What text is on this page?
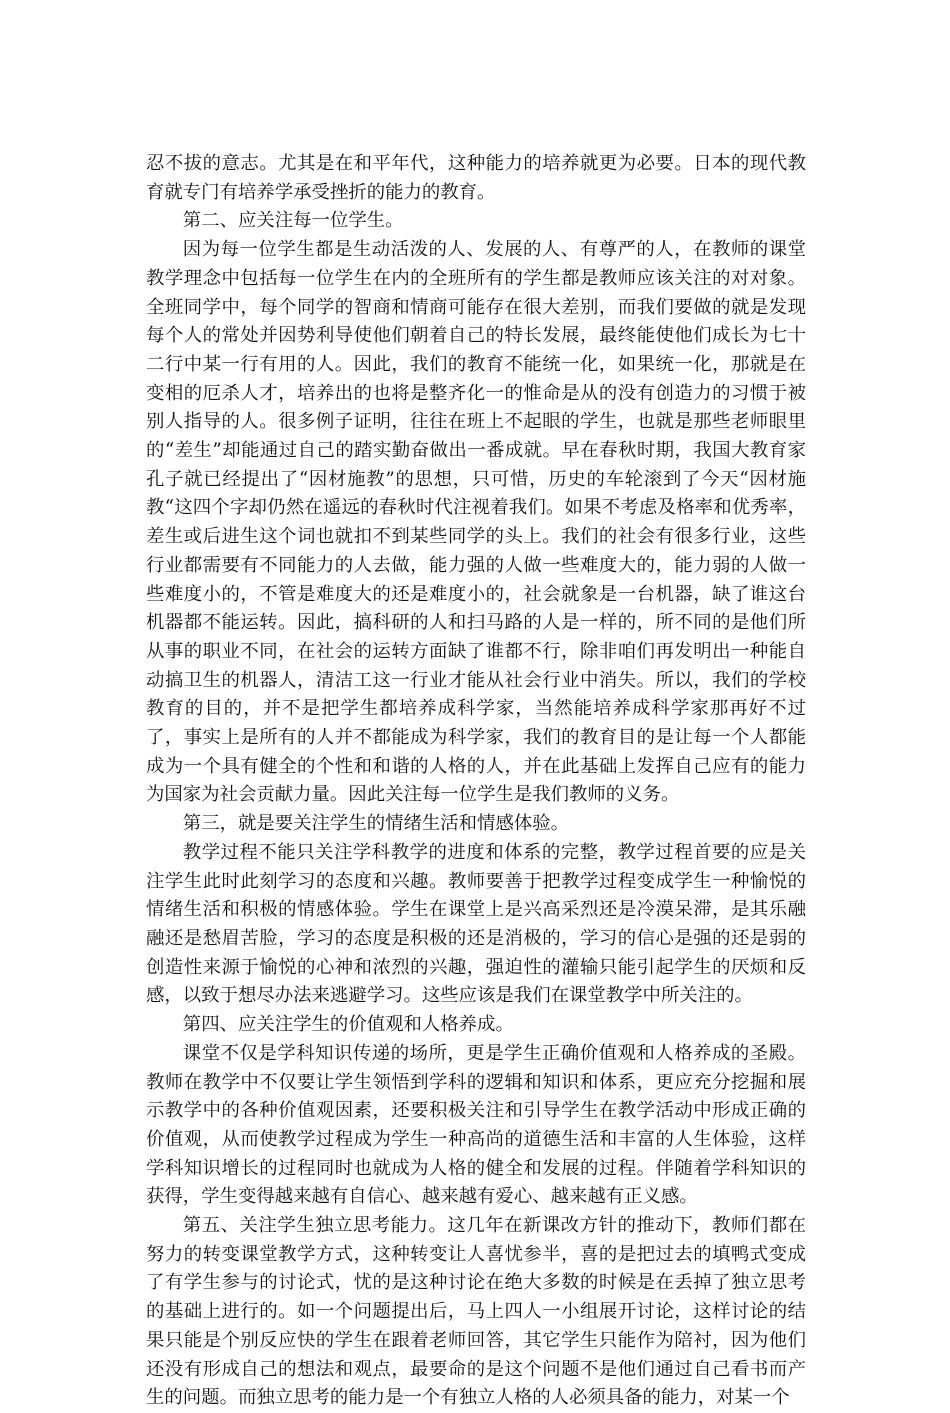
忍不拔的意志。尤其是在和平年代，这种能力的培养就更为必要。日本的现代教育就专门有培养学承受挫折的能力的教育。

第二、应关注每一位学生。

因为每一位学生都是生动活泼的人、发展的人、有尊严的人，在教师的课堂教学理念中包括每一位学生在内的全班所有的学生都是教师应该关注的对对象。全班同学中，每个同学的智商和情商可能存在很大差别，而我们要做的就是发现每个人的常处并因势利导使他们朝着自己的特长发展，最终能使他们成长为七十二行中某一行有用的人。因此，我们的教育不能统一化，如果统一化，那就是在变相的厄杀人才，培养出的也将是整齐化一的惟命是从的没有创造力的习惯于被别人指导的人。很多例子证明，往往在班上不起眼的学生，也就是那些老师眼里的“差生”却能通过自己的踏实勤奋做出一番成就。早在春秋时期，我国大教育家孔子就已经提出了“因材施教”的思想，只可惜，历史的车轮滚到了今天“因材施教“这四个字却仍然在遥远的春秋时代注视着我们。如果不考虑及格率和优秀率，差生或后进生这个词也就扣不到某些同学的头上。我们的社会有很多行业，这些行业都需要有不同能力的人去做，能力强的人做一些难度大的，能力弱的人做一些难度小的，不管是难度大的还是难度小的，社会就象是一台机器，缺了谁这台机器都不能运转。因此，搞科研的人和扫马路的人是一样的，所不同的是他们所从事的职业不同，在社会的运转方面缺了谁都不行，除非咱们再发明出一种能自动搞卫生的机器人，清洁工这一行业才能从社会行业中消失。所以，我们的学校教育的目的，并不是把学生都培养成科学家，当然能培养成科学家那再好不过了，事实上是所有的人并不都能成为科学家，我们的教育目的是让每一个人都能成为一个具有健全的个性和和谐的人格的人，并在此基础上发挥自己应有的能力为国家为社会贡献力量。因此关注每一位学生是我们教师的义务。

第三，就是要关注学生的情绪生活和情感体验。

教学过程不能只关注学科教学的进度和体系的完整，教学过程首要的应是关注学生此时此刻学习的态度和兴趣。教师要善于把教学过程变成学生一种愉悦的情绪生活和积极的情感体验。学生在课堂上是兴高采烈还是冷漠呆滞，是其乐融融还是愁眉苦脸，学习的态度是积极的还是消极的，学习的信心是强的还是弱的创造性来源于愉悦的心神和浓烈的兴趣，强迫性的灌输只能引起学生的厌烦和反感，以致于想尽办法来逃避学习。这些应该是我们在课堂教学中所关注的。

第四、应关注学生的价值观和人格养成。

课堂不仅是学科知识传递的场所，更是学生正确价值观和人格养成的圣殿。教师在教学中不仅要让学生领悟到学科的逻辑和知识和体系，更应充分挖掘和展示教学中的各种价值观因素，还要积极关注和引导学生在教学活动中形成正确的价值观，从而使教学过程成为学生一种高尚的道德生活和丰富的人生体验，这样学科知识增长的过程同时也就成为人格的健全和发展的过程。伴随着学科知识的获得，学生变得越来越有自信心、越来越有爱心、越来越有正义感。

第五、关注学生独立思考能力。这几年在新课改方针的推动下，教师们都在努力的转变课堂教学方式，这种转变让人喜忧参半，喜的是把过去的填鸭式变成了有学生参与的讨论式，忧的是这种讨论在绝大多数的时候是在丢掉了独立思考的基础上进行的。如一个问题提出后，马上四人一小组展开讨论，这样讨论的结果只能是个别反应快的学生在跟着老师回答，其它学生只能作为陪衬，因为他们还没有形成自己的想法和观点，最要命的是这个问题不是他们通过自己看书而产生的问题。而独立思考的能力是一个有独立人格的人必须具备的能力，对某一个
